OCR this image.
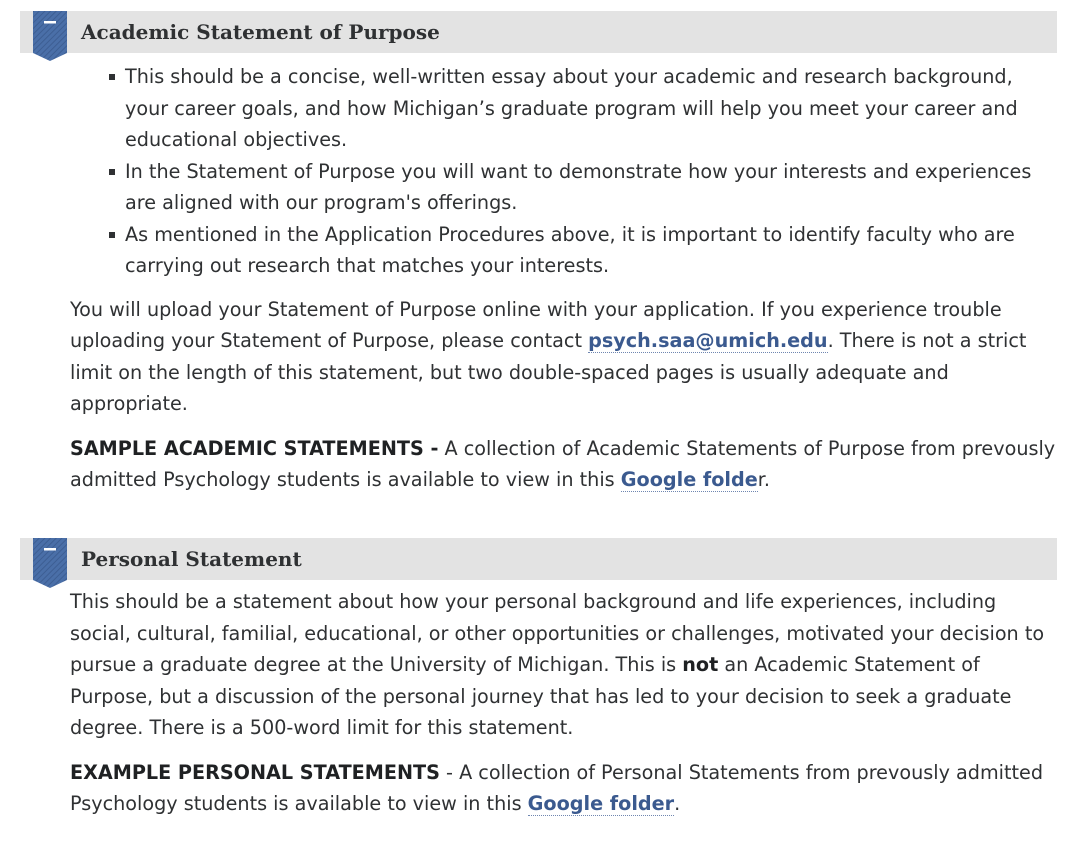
Academic Statement of Purpose
This should be a concise, well-written essay about your academic and research background, your career goals, and how Michigan’s graduate program will help you meet your career and educational objectives.
In the Statement of Purpose you will want to demonstrate how your interests and experiences are aligned with our program's offerings.
As mentioned in the Application Procedures above, it is important to identify faculty who are carrying out research that matches your interests.

You will upload your Statement of Purpose online with your application. If you experience trouble uploading your Statement of Purpose, please contact psych.saa@umich.edu. There is not a strict limit on the length of this statement, but two double-spaced pages is usually adequate and appropriate.

SAMPLE ACADEMIC STATEMENTS - A collection of Academic Statements of Purpose from prevously admitted Psychology students is available to view in this Google folder.

Personal Statement

This should be a statement about how your personal background and life experiences, including social, cultural, familial, educational, or other opportunities or challenges, motivated your decision to pursue a graduate degree at the University of Michigan. This is not an Academic Statement of Purpose, but a discussion of the personal journey that has led to your decision to seek a graduate degree. There is a 500-word limit for this statement.

EXAMPLE PERSONAL STATEMENTS - A collection of Personal Statements from prevously admitted Psychology students is available to view in this Google folder.
